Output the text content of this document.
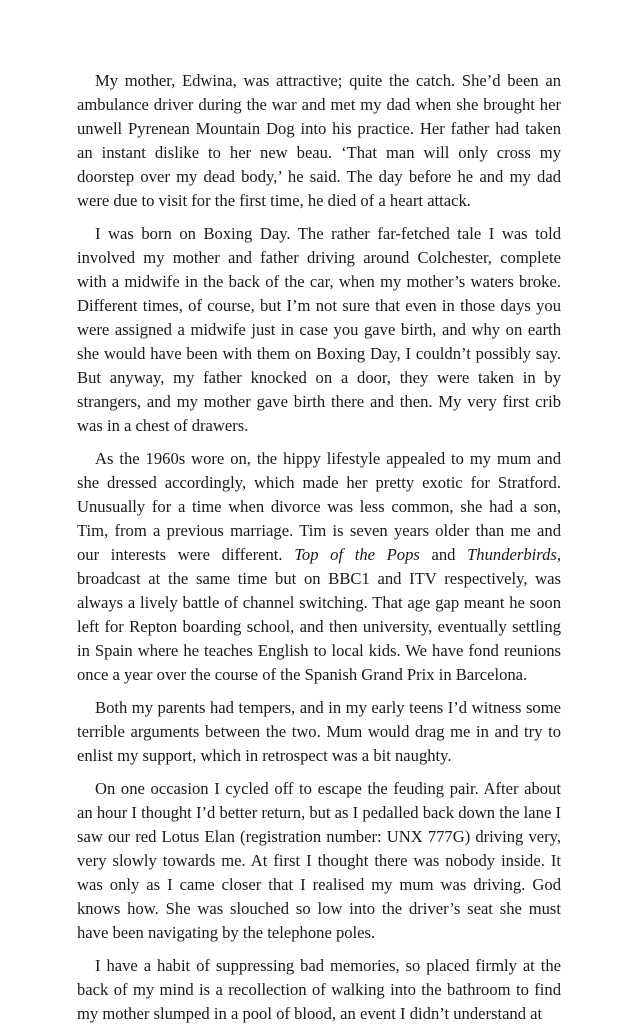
My mother, Edwina, was attractive; quite the catch. She’d been an ambulance driver during the war and met my dad when she brought her unwell Pyrenean Mountain Dog into his practice. Her father had taken an instant dislike to her new beau. ‘That man will only cross my doorstep over my dead body,’ he said. The day before he and my dad were due to visit for the first time, he died of a heart attack.

I was born on Boxing Day. The rather far-fetched tale I was told involved my mother and father driving around Colchester, complete with a midwife in the back of the car, when my mother’s waters broke. Different times, of course, but I’m not sure that even in those days you were assigned a midwife just in case you gave birth, and why on earth she would have been with them on Boxing Day, I couldn’t possibly say. But anyway, my father knocked on a door, they were taken in by strangers, and my mother gave birth there and then. My very first crib was in a chest of drawers.

As the 1960s wore on, the hippy lifestyle appealed to my mum and she dressed accordingly, which made her pretty exotic for Stratford. Unusually for a time when divorce was less common, she had a son, Tim, from a previous marriage. Tim is seven years older than me and our interests were different. Top of the Pops and Thunderbirds, broadcast at the same time but on BBC1 and ITV respectively, was always a lively battle of channel switching. That age gap meant he soon left for Repton boarding school, and then university, eventually settling in Spain where he teaches English to local kids. We have fond reunions once a year over the course of the Spanish Grand Prix in Barcelona.

Both my parents had tempers, and in my early teens I’d witness some terrible arguments between the two. Mum would drag me in and try to enlist my support, which in retrospect was a bit naughty.

On one occasion I cycled off to escape the feuding pair. After about an hour I thought I’d better return, but as I pedalled back down the lane I saw our red Lotus Elan (registration number: UNX 777G) driving very, very slowly towards me. At first I thought there was nobody inside. It was only as I came closer that I realised my mum was driving. God knows how. She was slouched so low into the driver’s seat she must have been navigating by the telephone poles.

I have a habit of suppressing bad memories, so placed firmly at the back of my mind is a recollection of walking into the bathroom to find my mother slumped in a pool of blood, an event I didn’t understand at
